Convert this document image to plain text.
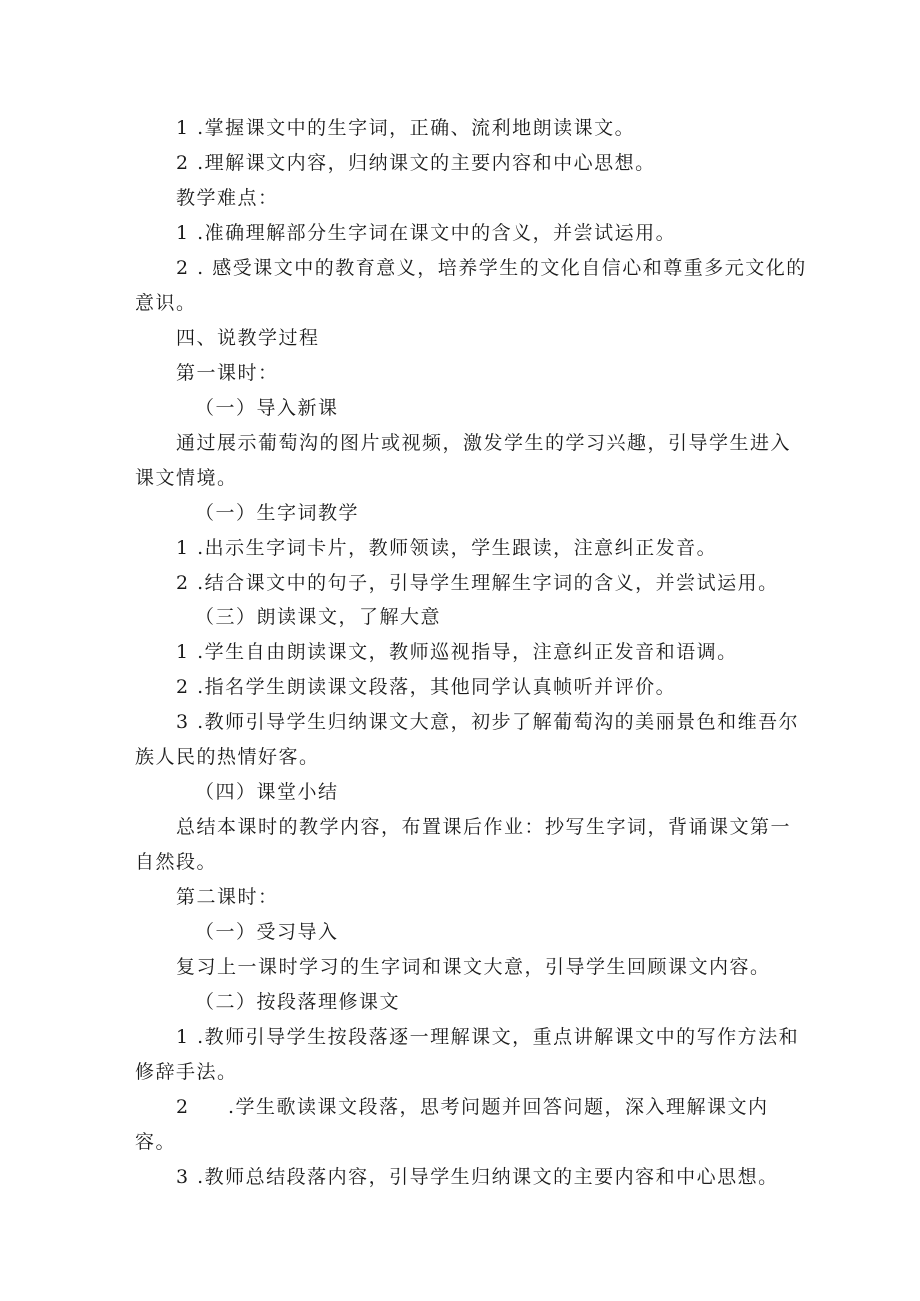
1 .掌握课文中的生字词，正确、流利地朗读课文。
2 .理解课文内容，归纳课文的主要内容和中心思想。
教学难点：
1 .准确理解部分生字词在课文中的含义，并尝试运用。
2 . 感受课文中的教育意义，培养学生的文化自信心和尊重多元文化的
意识。
四、说教学过程
第一课时：
（一）导入新课
通过展示葡萄沟的图片或视频，激发学生的学习兴趣，引导学生进入
课文情境。
（一）生字词教学
1 .出示生字词卡片，教师领读，学生跟读，注意纠正发音。
2 .结合课文中的句子，引导学生理解生字词的含义，并尝试运用。
（三）朗读课文，了解大意
1 .学生自由朗读课文，教师巡视指导，注意纠正发音和语调。
2 .指名学生朗读课文段落，其他同学认真帧听并评价。
3 .教师引导学生归纳课文大意，初步了解葡萄沟的美丽景色和维吾尔
族人民的热情好客。
（四）课堂小结
总结本课时的教学内容，布置课后作业：抄写生字词，背诵课文第一
自然段。
第二课时：
（一）受习导入
复习上一课时学习的生字词和课文大意，引导学生回顾课文内容。
（二）按段落理修课文
1 .教师引导学生按段落逐一理解课文，重点讲解课文中的写作方法和
修辞手法。
2 .学生歌读课文段落，思考问题并回答问题，深入理解课文内
容。
3 .教师总结段落内容，引导学生归纳课文的主要内容和中心思想。
